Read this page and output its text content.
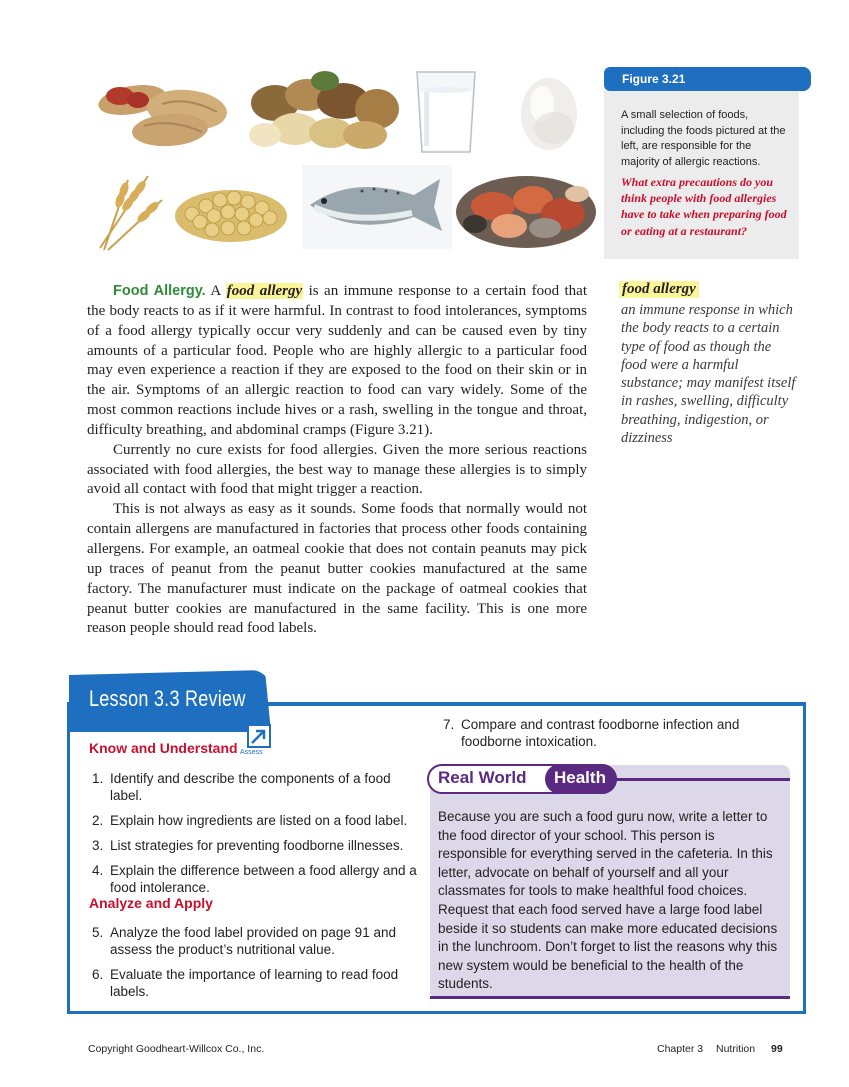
Figure 3.21
A small selection of foods, including the foods pictured at the left, are responsible for the majority of allergic reactions.
What extra precautions do you think people with food allergies have to take when preparing food or eating at a restaurant?

Food Allergy. A food allergy is an immune response to a certain food that the body reacts to as if it were harmful. In contrast to food intolerances, symptoms of a food allergy typically occur very suddenly and can be caused even by tiny amounts of a particular food. People who are highly allergic to a particular food may even experience a reaction if they are exposed to the food on their skin or in the air. Symptoms of an allergic reaction to food can vary widely. Some of the most common reactions include hives or a rash, swelling in the tongue and throat, difficulty breathing, and abdominal cramps (Figure 3.21).

Currently no cure exists for food allergies. Given the more serious reactions associated with food allergies, the best way to manage these allergies is to simply avoid all contact with food that might trigger a reaction.

This is not always as easy as it sounds. Some foods that normally would not contain allergens are manufactured in factories that process other foods containing allergens. For example, an oatmeal cookie that does not contain peanuts may pick up traces of peanut from the peanut butter cookies manufactured at the same factory. The manufacturer must indicate on the package of oatmeal cookies that peanut butter cookies are manufactured in the same facility. This is one more reason people should read food labels.

food allergy
an immune response in which the body reacts to a certain type of food as though the food were a harmful substance; may manifest itself in rashes, swelling, difficulty breathing, indigestion, or dizziness
Lesson 3.3 Review
Know and Understand Assess
1. Identify and describe the components of a food label.
2. Explain how ingredients are listed on a food label.
3. List strategies for preventing foodborne illnesses.
4. Explain the difference between a food allergy and a food intolerance.
Analyze and Apply
5. Analyze the food label provided on page 91 and assess the product’s nutritional value.
6. Evaluate the importance of learning to read food labels.
7. Compare and contrast foodborne infection and foodborne intoxication.
Real World	Health
Because you are such a food guru now, write a letter to the food director of your school. This person is responsible for everything served in the cafeteria. In this letter, advocate on behalf of yourself and all your classmates for tools to make healthful food choices. Request that each food served have a large food label beside it so students can make more educated decisions in the lunchroom. Don’t forget to list the reasons why this new system would be beneficial to the health of the students.
Copyright Goodheart-Willcox Co., Inc.	Chapter 3 Nutrition 99
